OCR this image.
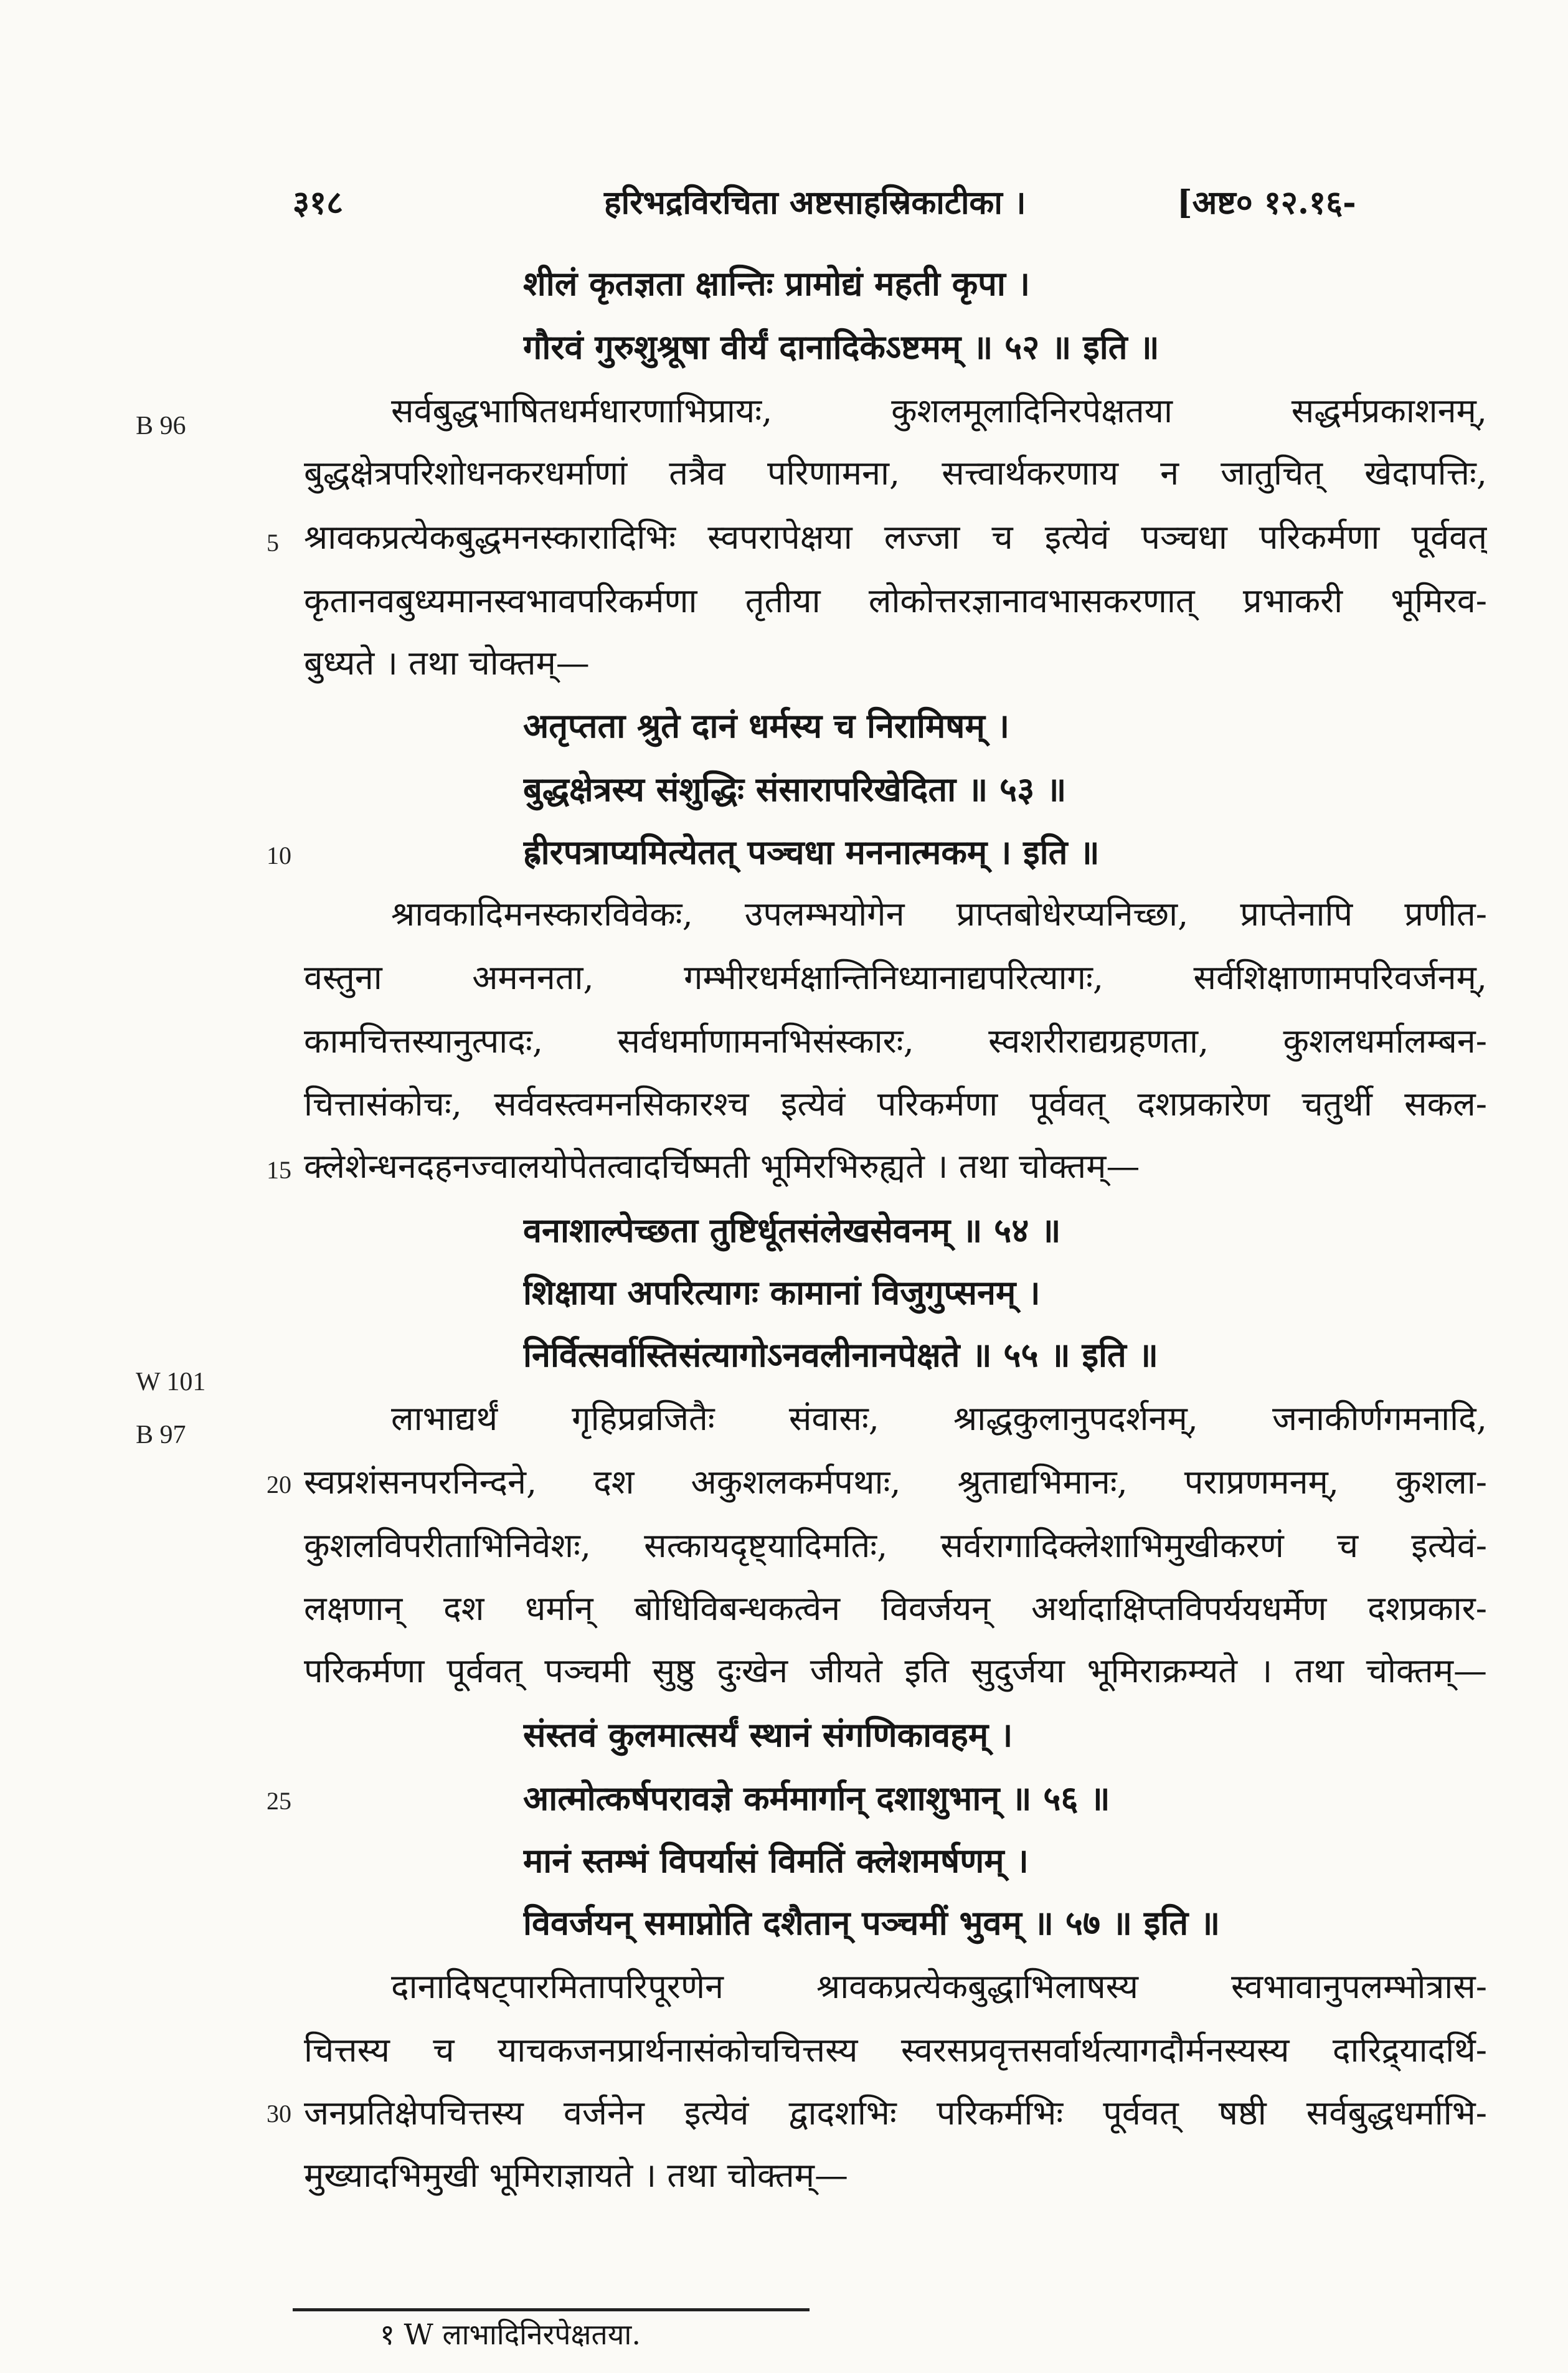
३१८	हरिभद्रविरचिता अष्टसाहस्रिकाटीका ।	[अष्ट० १२.१६-
B 96
W 101
B 97
5
10
15
20
25
30
शीलं कृतज्ञता क्षान्तिः प्रामोद्यं महती कृपा ।
गौरवं गुरुशुश्रूषा वीर्यं दानादिकेऽष्टमम् ॥ ५२ ॥ इति ॥
सर्वबुद्धभाषितधर्मधारणाभिप्रायः, कुशलमूलादिनिरपेक्षतया सद्धर्मप्रकाशनम्,
बुद्धक्षेत्रपरिशोधनकरधर्माणां तत्रैव परिणामना, सत्त्वार्थकरणाय न जातुचित् खेदापत्तिः,
श्रावकप्रत्येकबुद्धमनस्कारादिभिः स्वपरापेक्षया लज्जा च इत्येवं पञ्चधा परिकर्मणा पूर्ववत्
कृतानवबुध्यमानस्वभावपरिकर्मणा तृतीया लोकोत्तरज्ञानावभासकरणात् प्रभाकरी भूमिरव-
बुध्यते । तथा चोक्तम्—
अतृप्तता श्रुते दानं धर्मस्य च निरामिषम् ।
बुद्धक्षेत्रस्य संशुद्धिः संसारापरिखेदिता ॥ ५३ ॥
ह्रीरपत्राप्यमित्येतत् पञ्चधा मननात्मकम् । इति ॥
श्रावकादिमनस्कारविवेकः, उपलम्भयोगेन प्राप्तबोधेरप्यनिच्छा, प्राप्तेनापि प्रणीत-
वस्तुना अमननता, गम्भीरधर्मक्षान्तिनिध्यानाद्यपरित्यागः, सर्वशिक्षाणामपरिवर्जनम्,
कामचित्तस्यानुत्पादः, सर्वधर्माणामनभिसंस्कारः, स्वशरीराद्यग्रहणता, कुशलधर्मालम्बन-
चित्तासंकोचः, सर्ववस्त्वमनसिकारश्च इत्येवं परिकर्मणा पूर्ववत् दशप्रकारेण चतुर्थी सकल-
क्लेशेन्धनदहनज्वालयोपेतत्वादर्चिष्मती भूमिरभिरुह्यते । तथा चोक्तम्—
वनाशाल्पेच्छता तुष्टिर्धूतसंलेखसेवनम् ॥ ५४ ॥
शिक्षाया अपरित्यागः कामानां विजुगुप्सनम् ।
निर्वित्सर्वास्तिसंत्यागोऽनवलीनानपेक्षते ॥ ५५ ॥ इति ॥
लाभाद्यर्थं गृहिप्रव्रजितैः संवासः, श्राद्धकुलानुपदर्शनम्, जनाकीर्णगमनादि,
स्वप्रशंसनपरनिन्दने, दश अकुशलकर्मपथाः, श्रुताद्यभिमानः, पराप्रणमनम्, कुशला-
कुशलविपरीताभिनिवेशः, सत्कायदृष्ट्यादिमतिः, सर्वरागादिक्लेशाभिमुखीकरणं च इत्येवं-
लक्षणान् दश धर्मान् बोधिविबन्धकत्वेन विवर्जयन् अर्थादाक्षिप्तविपर्ययधर्मेण दशप्रकार-
परिकर्मणा पूर्ववत् पञ्चमी सुष्ठु दुःखेन जीयते इति सुदुर्जया भूमिराक्रम्यते । तथा चोक्तम्—
संस्तवं कुलमात्सर्यं स्थानं संगणिकावहम् ।
आत्मोत्कर्षपरावज्ञे कर्ममार्गान् दशाशुभान् ॥ ५६ ॥
मानं स्तम्भं विपर्यासं विमतिं क्लेशमर्षणम् ।
विवर्जयन् समाप्नोति दशैतान् पञ्चमीं भुवम् ॥ ५७ ॥ इति ॥
दानादिषट्पारमितापरिपूरणेन श्रावकप्रत्येकबुद्धाभिलाषस्य स्वभावानुपलम्भोत्रास-
चित्तस्य च याचकजनप्रार्थनासंकोचचित्तस्य स्वरसप्रवृत्तसर्वार्थत्यागदौर्मनस्यस्य दारिद्र्यादर्थि-
जनप्रतिक्षेपचित्तस्य वर्जनेन इत्येवं द्वादशभिः परिकर्मभिः पूर्ववत् षष्ठी सर्वबुद्धधर्माभि-
मुख्यादभिमुखी भूमिराज्ञायते । तथा चोक्तम्—
१ W लाभादिनिरपेक्षतया.
